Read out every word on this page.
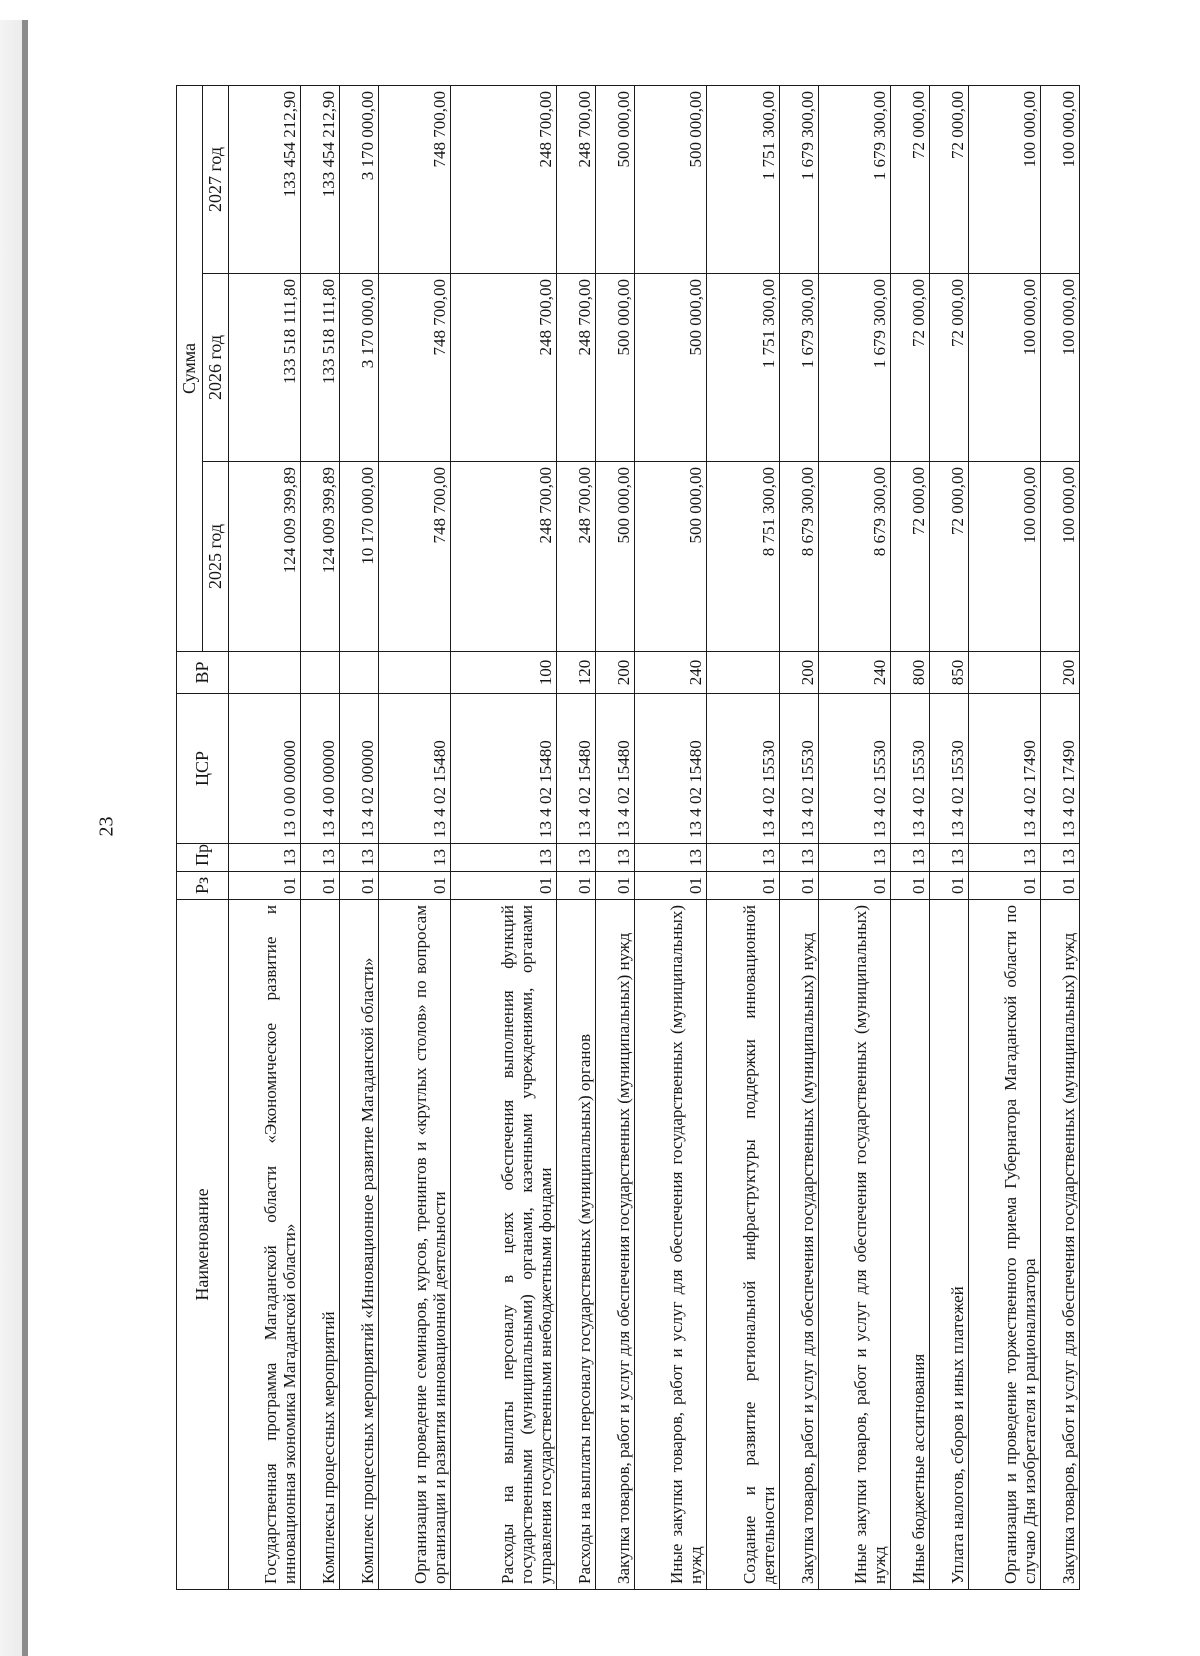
23
Наименование	Рз	Пр	ЦСР	ВР	Сумма		
					2025 год	2026 год	2027 год
Государственная программа Магаданской области «Экономическое развитие и инновационная экономика Магаданской области»	01	13	13 0 00 00000		124 009 399,89	133 518 111,80	133 454 212,90
Комплексы процессных мероприятий	01	13	13 4 00 00000		124 009 399,89	133 518 111,80	133 454 212,90
Комплекс процессных мероприятий «Инновационное развитие Магаданской области»	01	13	13 4 02 00000		10 170 000,00	3 170 000,00	3 170 000,00
Организация и проведение семинаров, курсов, тренингов и «круглых столов» по вопросам организации и развития инновационной деятельности	01	13	13 4 02 15480		748 700,00	748 700,00	748 700,00
Расходы на выплаты персоналу в целях обеспечения выполнения функций государственными (муниципальными) органами, казенными учреждениями, органами управления государственными внебюджетными фондами	01	13	13 4 02 15480	100	248 700,00	248 700,00	248 700,00
Расходы на выплаты персоналу государственных (муниципальных) органов	01	13	13 4 02 15480	120	248 700,00	248 700,00	248 700,00
Закупка товаров, работ и услуг для обеспечения государственных (муниципальных) нужд	01	13	13 4 02 15480	200	500 000,00	500 000,00	500 000,00
Иные закупки товаров, работ и услуг для обеспечения государственных (муниципальных) нужд	01	13	13 4 02 15480	240	500 000,00	500 000,00	500 000,00
Создание и развитие региональной инфраструктуры поддержки инновационной деятельности	01	13	13 4 02 15530		8 751 300,00	1 751 300,00	1 751 300,00
Закупка товаров, работ и услуг для обеспечения государственных (муниципальных) нужд	01	13	13 4 02 15530	200	8 679 300,00	1 679 300,00	1 679 300,00
Иные закупки товаров, работ и услуг для обеспечения государственных (муниципальных) нужд	01	13	13 4 02 15530	240	8 679 300,00	1 679 300,00	1 679 300,00
Иные бюджетные ассигнования	01	13	13 4 02 15530	800	72 000,00	72 000,00	72 000,00
Уплата налогов, сборов и иных платежей	01	13	13 4 02 15530	850	72 000,00	72 000,00	72 000,00
Организация и проведение торжественного приема Губернатора Магаданской области по случаю Дня изобретателя и рационализатора	01	13	13 4 02 17490		100 000,00	100 000,00	100 000,00
Закупка товаров, работ и услуг для обеспечения государственных (муниципальных) нужд	01	13	13 4 02 17490	200	100 000,00	100 000,00	100 000,00
